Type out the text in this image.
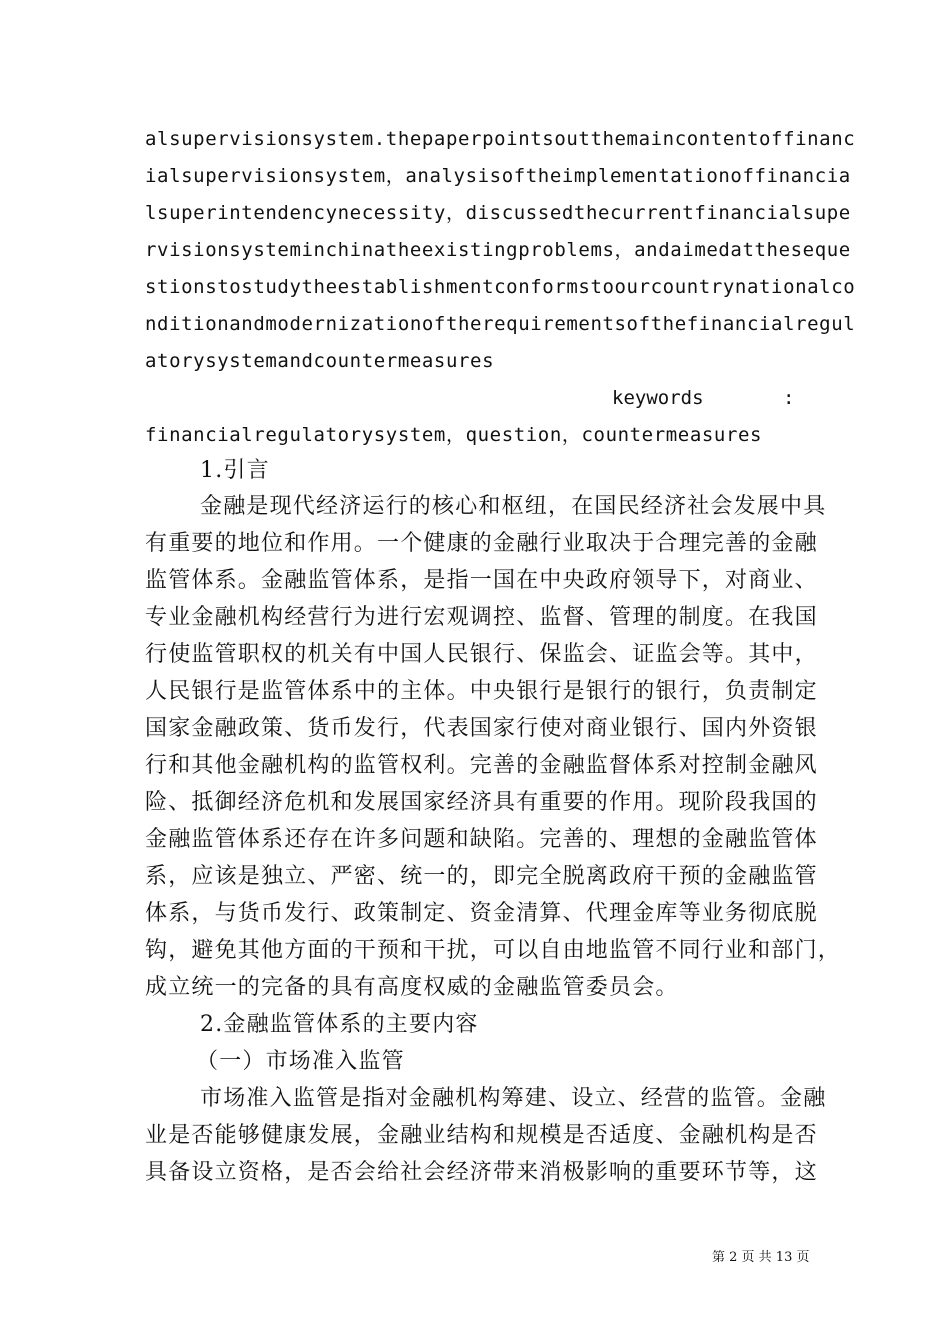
alsupervisionsystem.thepaperpointsoutthemaincontentoffinanc
ialsupervisionsystem，analysisoftheimplementationoffinancia
lsuperintendencynecessity，discussedthecurrentfinancialsupe
rvisionsysteminchinatheexistingproblems，andaimedattheseque
stionstostudytheestablishmentconformstoourcountrynationalco
nditionandmodernizationoftherequirementsofthefinancialregul
atorysystemandcountermeasures
keywords	:
financialregulatorysystem，question，countermeasures
1.引言
金融是现代经济运行的核心和枢纽，在国民经济社会发展中具
有重要的地位和作用。一个健康的金融行业取决于合理完善的金融
监管体系。金融监管体系，是指一国在中央政府领导下，对商业、
专业金融机构经营行为进行宏观调控、监督、管理的制度。在我国
行使监管职权的机关有中国人民银行、保监会、证监会等。其中，
人民银行是监管体系中的主体。中央银行是银行的银行，负责制定
国家金融政策、货币发行，代表国家行使对商业银行、国内外资银
行和其他金融机构的监管权利。完善的金融监督体系对控制金融风
险、抵御经济危机和发展国家经济具有重要的作用。现阶段我国的
金融监管体系还存在许多问题和缺陷。完善的、理想的金融监管体
系，应该是独立、严密、统一的，即完全脱离政府干预的金融监管
体系，与货币发行、政策制定、资金清算、代理金库等业务彻底脱
钩，避免其他方面的干预和干扰，可以自由地监管不同行业和部门，
成立统一的完备的具有高度权威的金融监管委员会。
2.金融监管体系的主要内容
（一）市场准入监管
市场准入监管是指对金融机构筹建、设立、经营的监管。金融
业是否能够健康发展，金融业结构和规模是否适度、金融机构是否
具备设立资格，是否会给社会经济带来消极影响的重要环节等，这
第 2 页 共 13 页
